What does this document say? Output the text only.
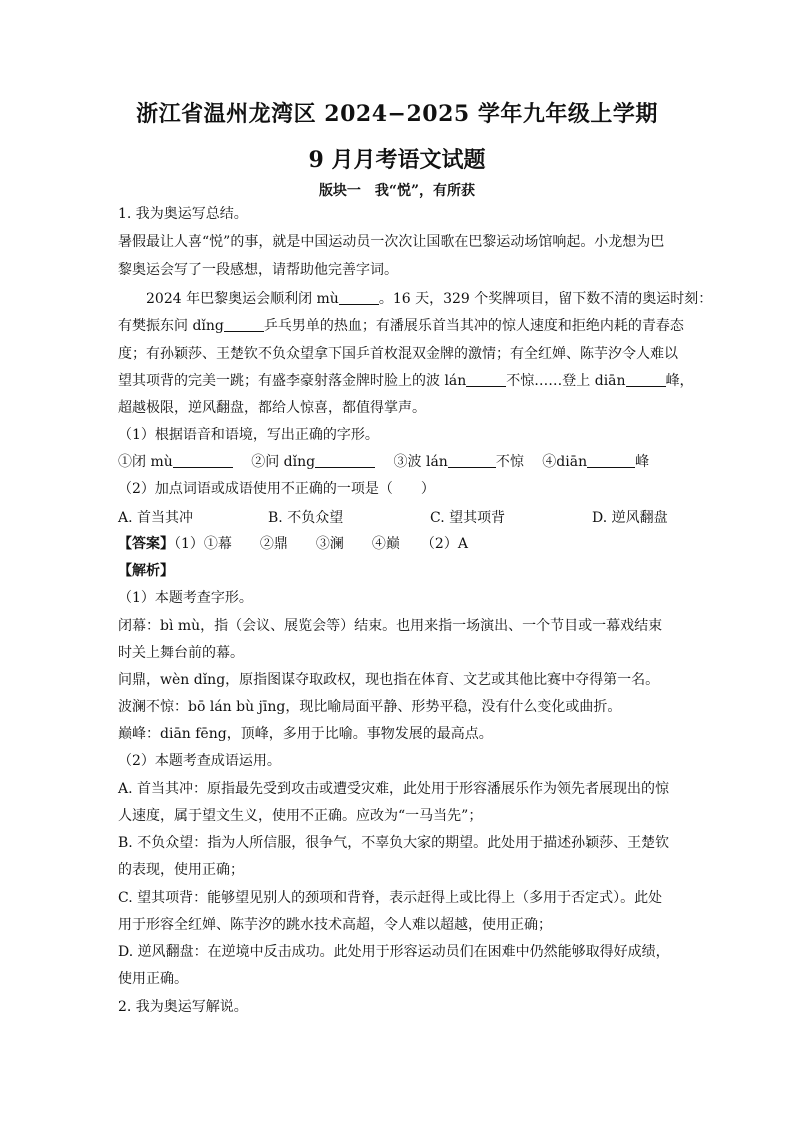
浙江省温州龙湾区 2024−2025 学年九年级上学期
9 月月考语文试题
版块一　我“悦”，有所获
1. 我为奥运写总结。
暑假最让人喜“悦”的事，就是中国运动员一次次让国歌在巴黎运动场馆响起。小龙想为巴
黎奥运会写了一段感想，请帮助他完善字词。
2024 年巴黎奥运会顺利闭 mù	。16 天，329 个奖牌项目，留下数不清的奥运时刻：
有樊振东问 dǐng	乒乓男单的热血；有潘展乐首当其冲的惊人速度和拒绝内耗的青春态
度；有孙颖莎、王楚钦不负众望拿下国乒首枚混双金牌的激情；有全红婵、陈芋汐令人难以
望其项背的完美一跳；有盛李豪射落金牌时脸上的波 lán	不惊……登上 diān	峰，
超越极限，逆风翻盘，都给人惊喜，都值得掌声。
（1）根据语音和语境，写出正确的字形。
①闭 mù　	②问 dǐng　	③波 lán	不惊　 ④diān	峰
（2）加点词语或成语使用不正确的一项是（　　）
A. 首当其冲	B. 不负众望	C. 望其项背	D. 逆风翻盘
【答案】（1）①幕　　②鼎　　③澜　　④巅　　（2）A
【解析】
（1）本题考查字形。
闭幕：bì mù，指（会议、展览会等）结束。也用来指一场演出、一个节目或一幕戏结束
时关上舞台前的幕。
问鼎，wèn dǐng，原指图谋夺取政权，现也指在体育、文艺或其他比赛中夺得第一名。
波澜不惊：bō lán bù jīng，现比喻局面平静、形势平稳，没有什么变化或曲折。
巅峰：diān fēng，顶峰，多用于比喻。事物发展的最高点。
（2）本题考查成语运用。
A. 首当其冲：原指最先受到攻击或遭受灾难，此处用于形容潘展乐作为领先者展现出的惊
人速度，属于望文生义，使用不正确。应改为“一马当先”；
B. 不负众望：指为人所信服，很争气，不辜负大家的期望。此处用于描述孙颖莎、王楚钦
的表现，使用正确；
C. 望其项背：能够望见别人的颈项和背脊，表示赶得上或比得上（多用于否定式）。此处
用于形容全红婵、陈芋汐的跳水技术高超，令人难以超越，使用正确；
D. 逆风翻盘：在逆境中反击成功。此处用于形容运动员们在困难中仍然能够取得好成绩，
使用正确。
2. 我为奥运写解说。
